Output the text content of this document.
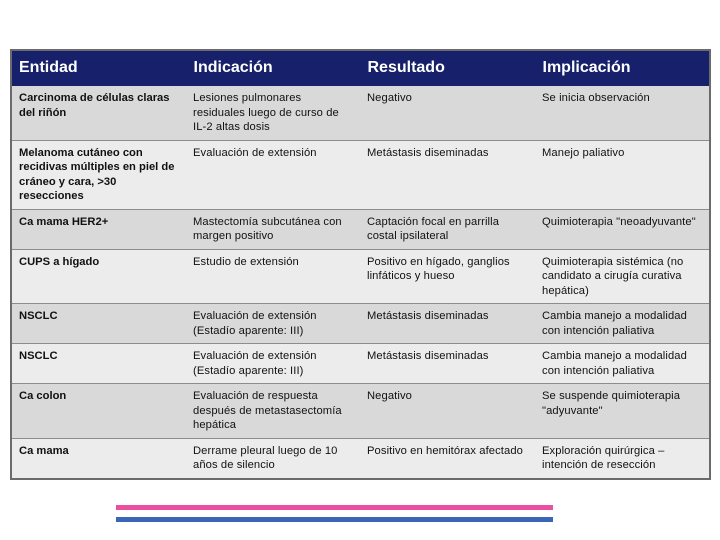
Entidad	Indicación	Resultado	Implicación
Carcinoma de células claras del riñón	Lesiones pulmonares residuales luego de curso de IL-2 altas dosis	Negativo	Se inicia observación
Melanoma cutáneo con recidivas múltiples en piel de cráneo y cara, >30 resecciones	Evaluación de extensión	Metástasis diseminadas	Manejo paliativo
Ca mama HER2+	Mastectomía subcutánea con margen positivo	Captación focal en parrilla costal ipsilateral	Quimioterapia "neoadyuvante"
CUPS a hígado	Estudio de extensión	Positivo en hígado, ganglios linfáticos y hueso	Quimioterapia sistémica (no candidato a cirugía curativa hepática)
NSCLC	Evaluación de extensión (Estadío aparente: III)	Metástasis diseminadas	Cambia manejo a modalidad con intención paliativa
NSCLC	Evaluación de extensión (Estadío aparente: III)	Metástasis diseminadas	Cambia manejo a modalidad con intención paliativa
Ca colon	Evaluación de respuesta después de metastasectomía hepática	Negativo	Se suspende quimioterapia "adyuvante"
Ca mama	Derrame pleural luego de 10 años de silencio	Positivo en hemitórax afectado	Exploración quirúrgica – intención de resección
